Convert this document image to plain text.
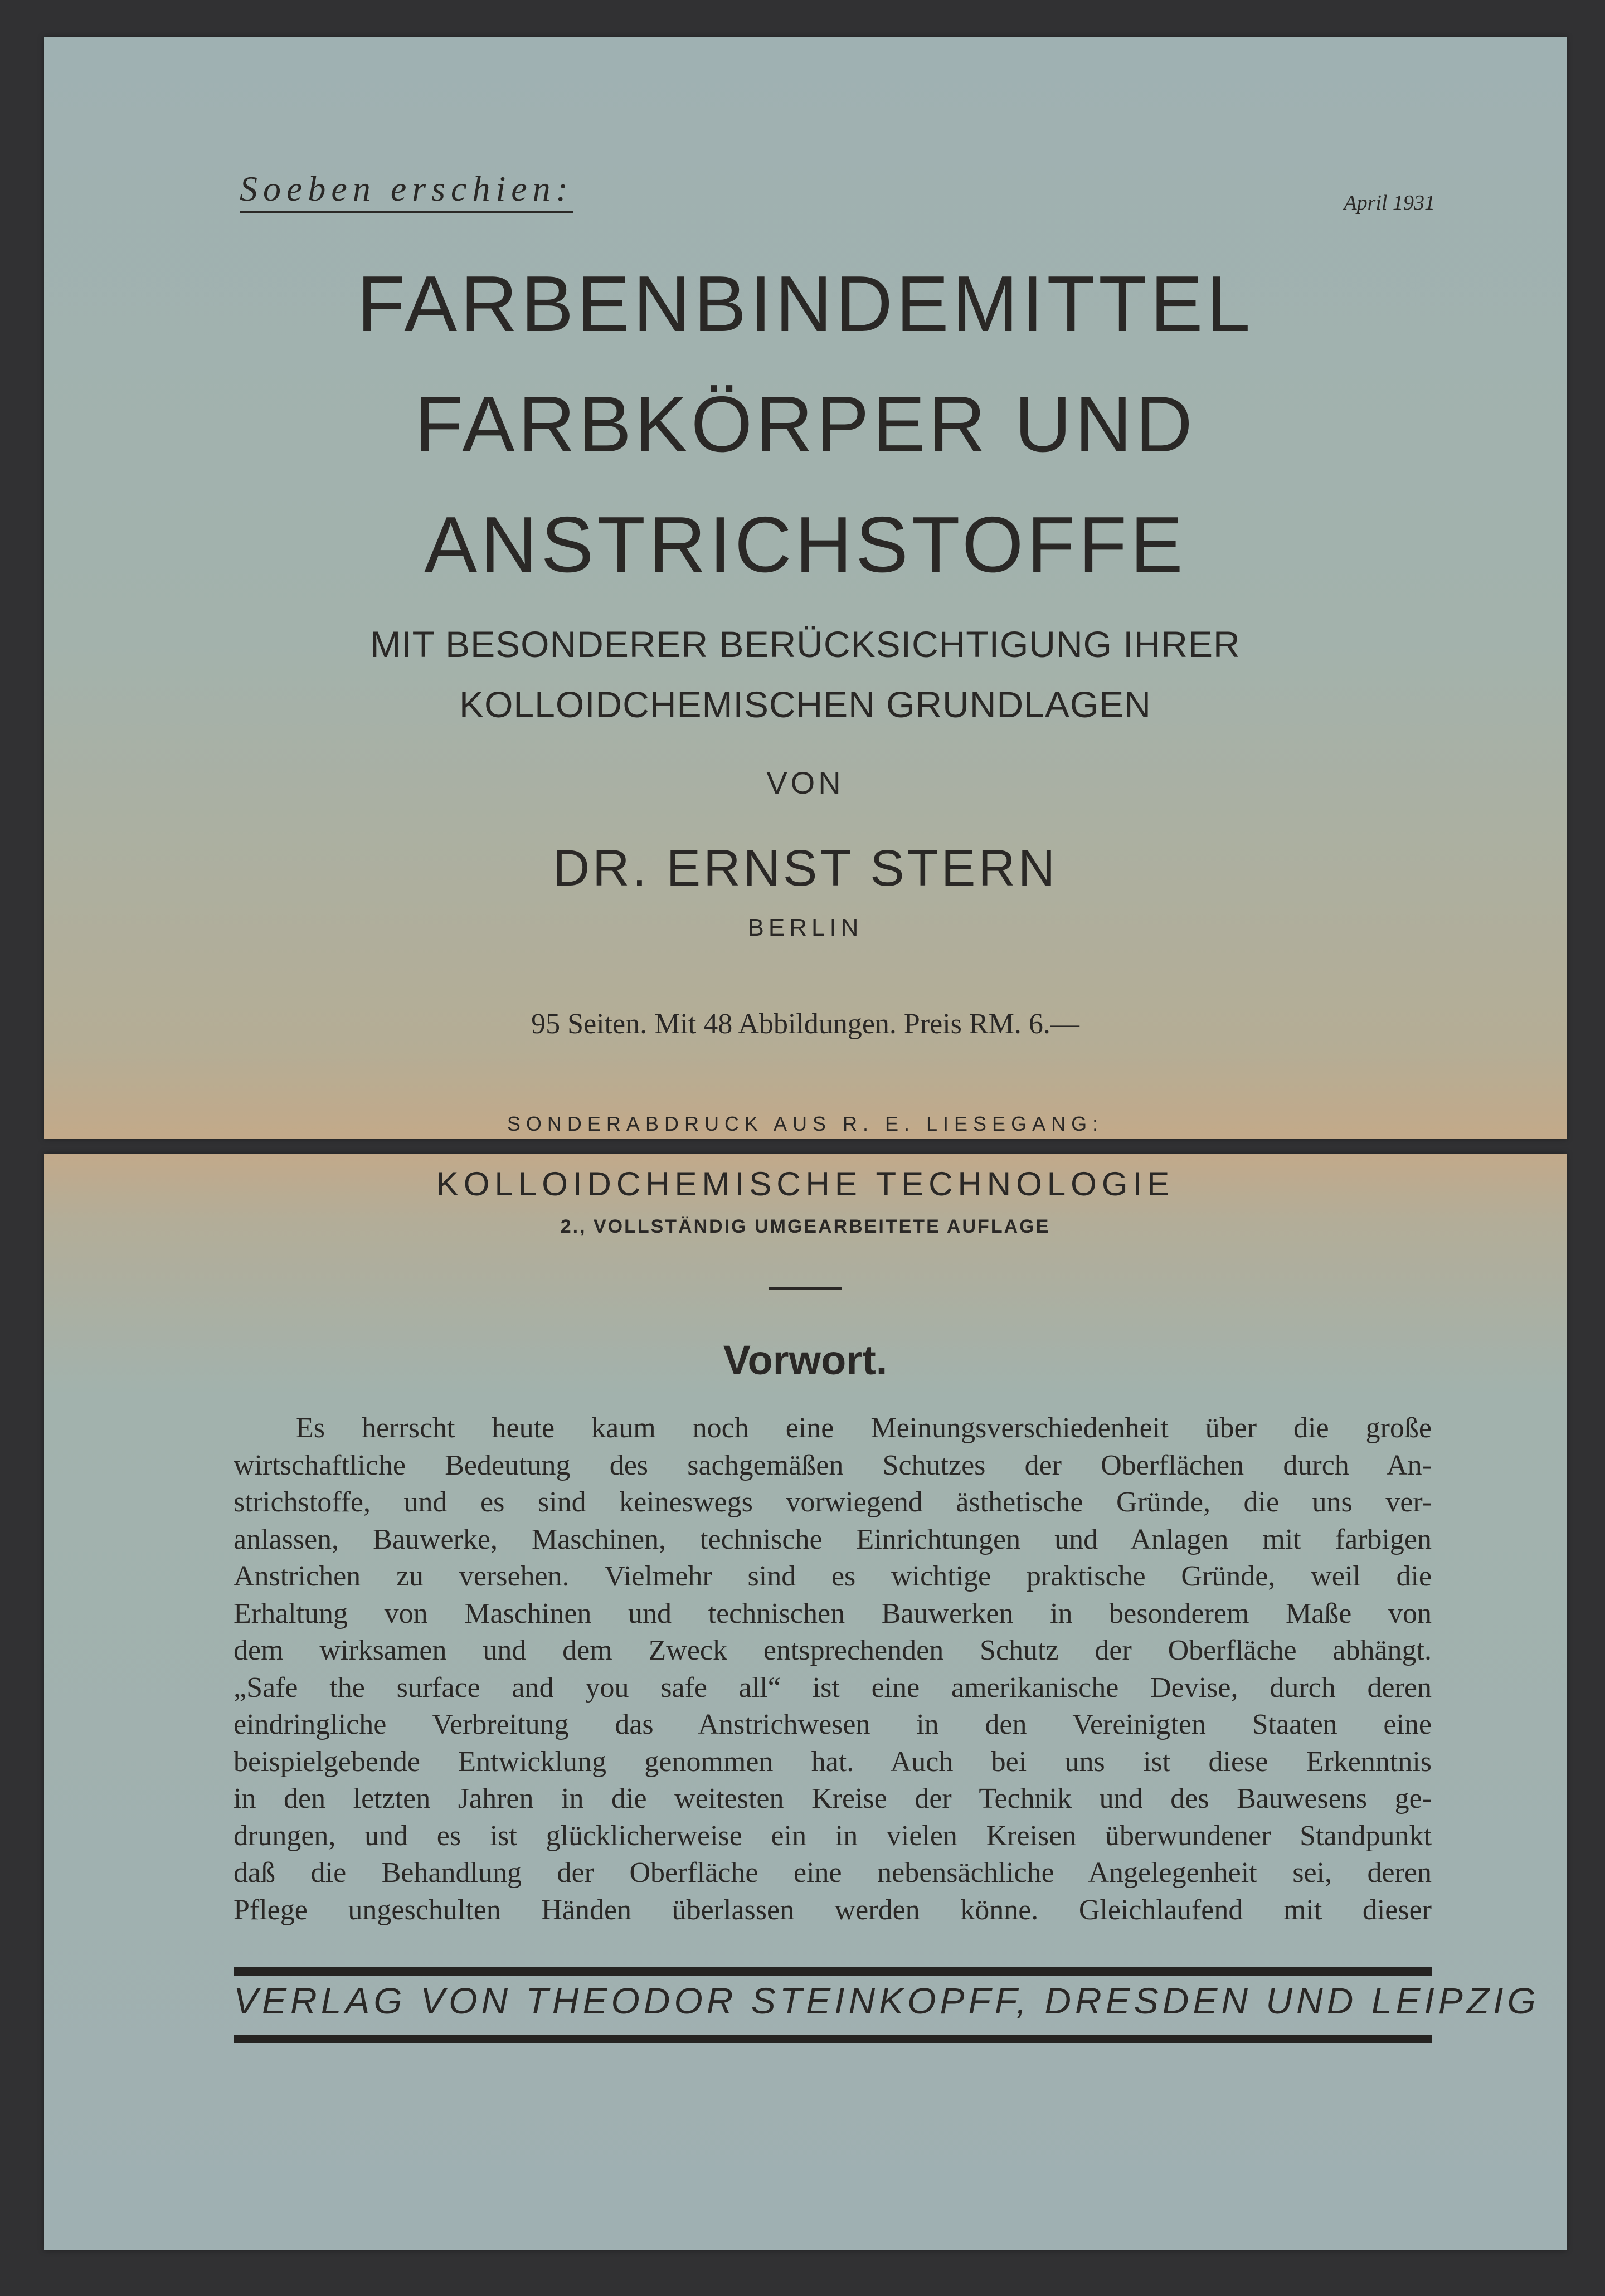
Soeben erschien:	April 1931
FARBENBINDEMITTEL
FARBKÖRPER UND
ANSTRICHSTOFFE
MIT BESONDERER BERÜCKSICHTIGUNG IHRER
KOLLOIDCHEMISCHEN GRUNDLAGEN
VON
DR. ERNST STERN
BERLIN
95 Seiten. Mit 48 Abbildungen. Preis RM. 6.—
SONDERABDRUCK AUS R. E. LIESEGANG:
KOLLOIDCHEMISCHE TECHNOLOGIE
2., VOLLSTÄNDIG UMGEARBEITETE AUFLAGE
Vorwort.
Es herrscht heute kaum noch eine Meinungsverschiedenheit über die große
wirtschaftliche Bedeutung des sachgemäßen Schutzes der Oberflächen durch An-
strichstoffe, und es sind keineswegs vorwiegend ästhetische Gründe, die uns ver-
anlassen, Bauwerke, Maschinen, technische Einrichtungen und Anlagen mit farbigen
Anstrichen zu versehen. Vielmehr sind es wichtige praktische Gründe, weil die
Erhaltung von Maschinen und technischen Bauwerken in besonderem Maße von
dem wirksamen und dem Zweck entsprechenden Schutz der Oberfläche abhängt.
„Safe the surface and you safe all“ ist eine amerikanische Devise, durch deren
eindringliche Verbreitung das Anstrichwesen in den Vereinigten Staaten eine
beispielgebende Entwicklung genommen hat. Auch bei uns ist diese Erkenntnis
in den letzten Jahren in die weitesten Kreise der Technik und des Bauwesens ge-
drungen, und es ist glücklicherweise ein in vielen Kreisen überwundener Standpunkt
daß die Behandlung der Oberfläche eine nebensächliche Angelegenheit sei, deren
Pflege ungeschulten Händen überlassen werden könne. Gleichlaufend mit dieser
VERLAG VON THEODOR STEINKOPFF, DRESDEN UND LEIPZIG
